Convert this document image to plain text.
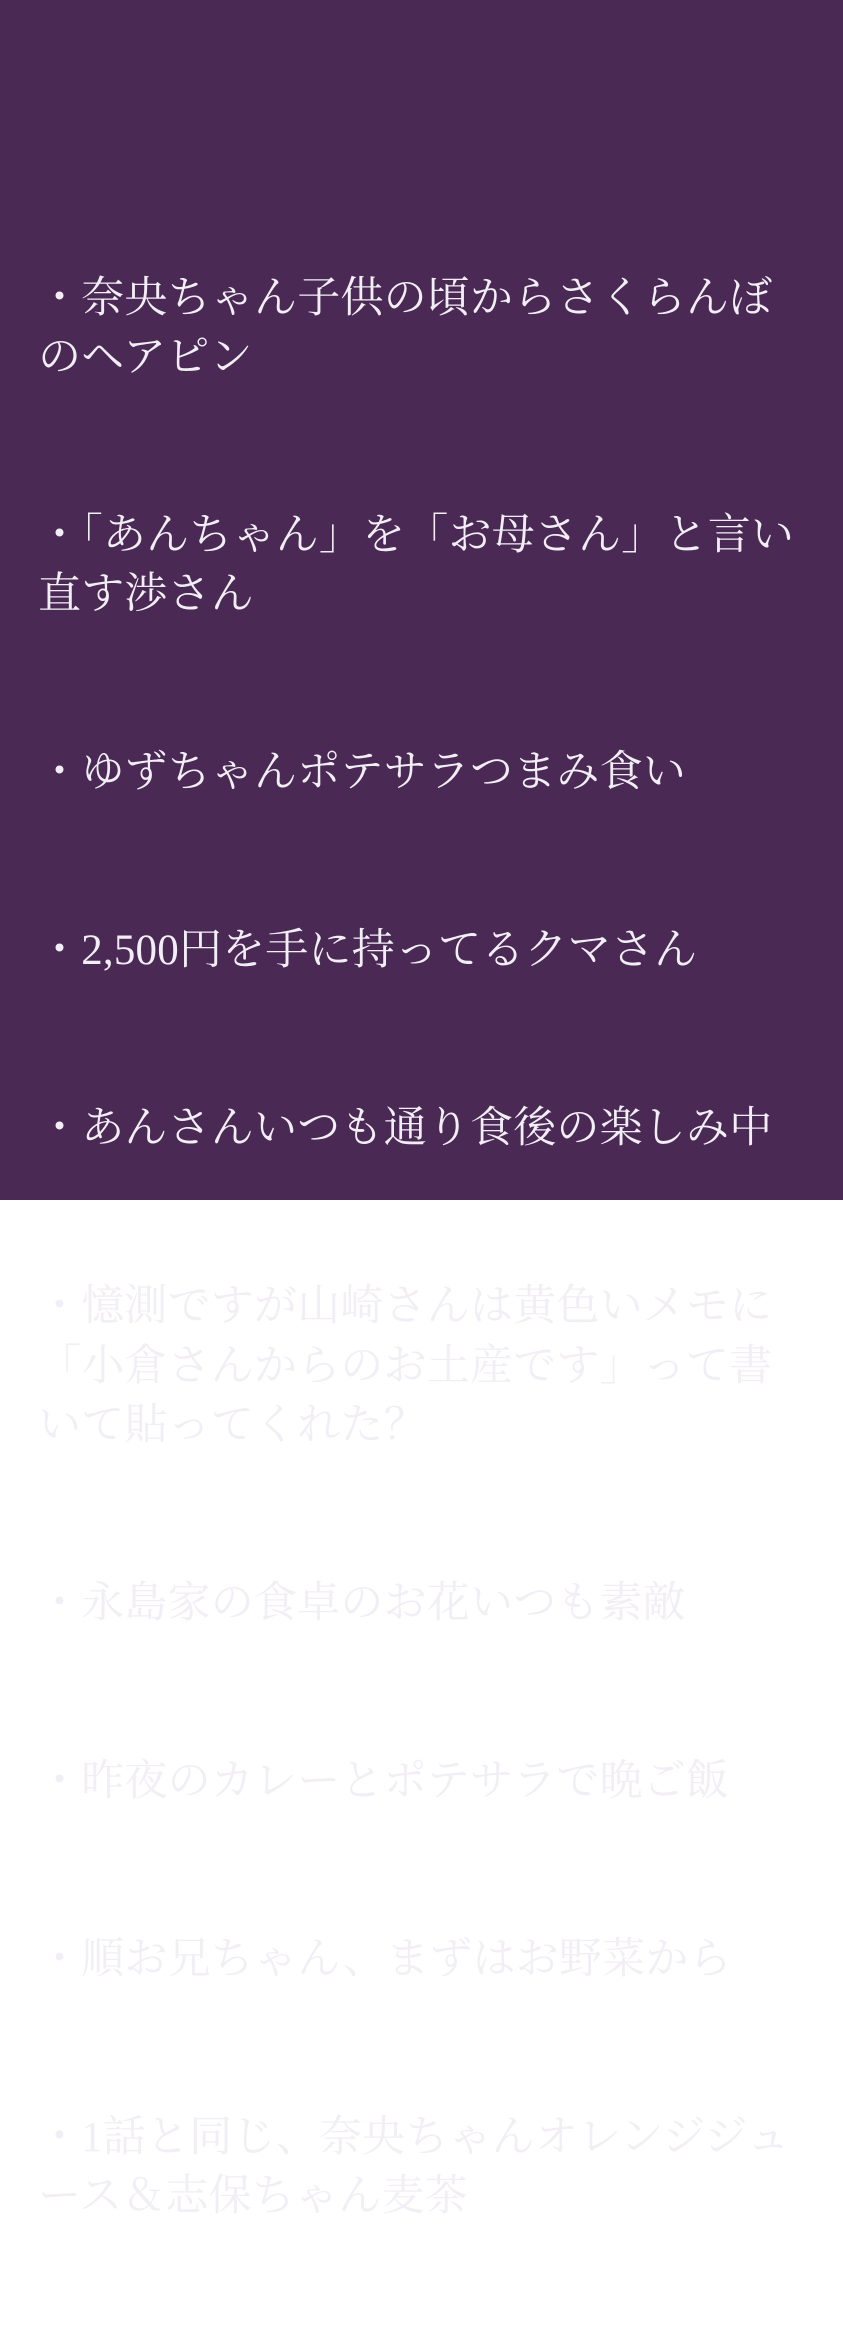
・奈央ちゃん子供の頃からさくらんぼのヘアピン

・「あんちゃん」を「お母さん」と言い直す渉さん

・ゆずちゃんポテサラつまみ食い

・2,500円を手に持ってるクマさん

・あんさんいつも通り食後の楽しみ中

・憶測ですが山崎さんは黄色いメモに「小倉さんからのお土産です」って書いて貼ってくれた？

・永島家の食卓のお花いつも素敵

・昨夜のカレーとポテサラで晩ご飯

・順お兄ちゃん、まずはお野菜から

・1話と同じ、奈央ちゃんオレンジジュース＆志保ちゃん麦茶
